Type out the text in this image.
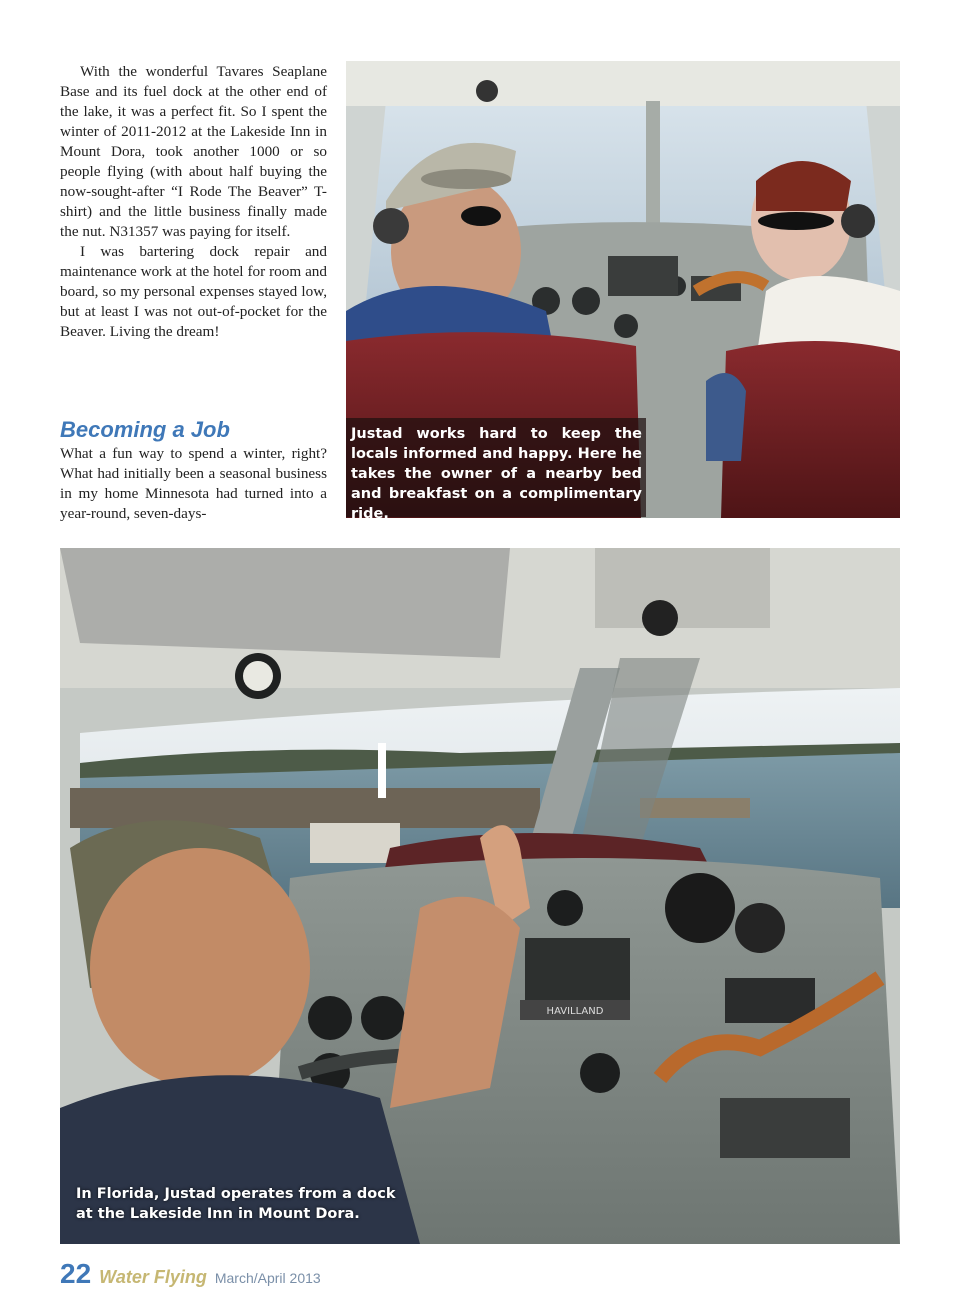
With the wonderful Tavares Seaplane Base and its fuel dock at the other end of the lake, it was a perfect fit. So I spent the winter of 2011-2012 at the Lakeside Inn in Mount Dora, took another 1000 or so people flying (with about half buying the now-sought-after “I Rode The Beaver” T-shirt) and the little business finally made the nut. N31357 was paying for itself.

I was bartering dock repair and maintenance work at the hotel for room and board, so my personal expenses stayed low, but at least I was not out-of-pocket for the Beaver. Living the dream!

Becoming a Job

What a fun way to spend a winter, right? What had initially been a seasonal business in my home Minnesota had turned into a year-round, seven-days-

Justad works hard to keep the locals informed and happy. Here he takes the owner of a nearby bed and breakfast on a complimentary ride.
HAVILLAND
In Florida, Justad operates from a dock at the Lakeside Inn in Mount Dora.
22 Water Flying March/April 2013
